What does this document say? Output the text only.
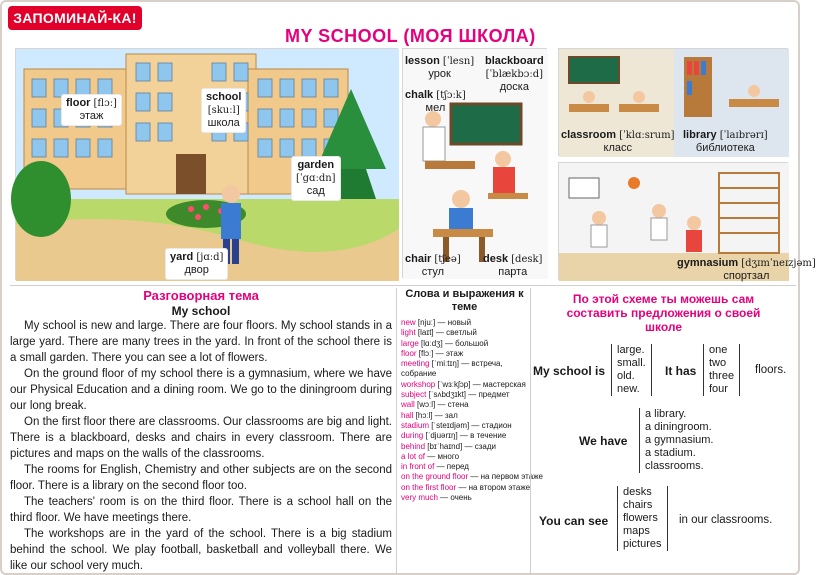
ЗАПОМИНАЙ-КА!
MY SCHOOL (МОЯ ШКОЛА)
floor [flɔː]
этаж
school
[skuːl]
школа
garden
[ˈgɑːdn]
сад
yard [jɑːd]
двор
lesson [ˈlesn]
урок
blackboard
[ˈblækbɔːd]
доска
chalk [tʃɔːk]
мел
chair [tʃeə]
стул
desk [desk]
парта
classroom [ˈklɑːsrum]
класс
library [ˈlaɪbrərɪ]
библиотека
gymnasium [dʒɪmˈneɪzjəm]
спортзал
Разговорная тема
My school

My school is new and large. There are four floors. My school stands in a large yard. There are many trees in the yard. In front of the school there is a small garden. There you can see a lot of flowers.

On the ground floor of my school there is a gymnasium, where we have our Physical Education and a dining room. We go to the diningroom during our long break.

On the first floor there are classrooms. Our classrooms are big and light. There is a blackboard, desks and chairs in every classroom. There are pictures and maps on the walls of the classrooms.

The rooms for English, Chemistry and other subjects are on the second floor. There is a library on the second floor too.

The teachers' room is on the third floor. There is a school hall on the third floor. We have meetings there.

The workshops are in the yard of the school. There is a big stadium behind the school. We play football, basketball and volleyball there. We like our school very much.

Слова и выражения к теме
new [njuː] — новый
light [laɪt] — светлый
large [lɑːdʒ] — большой
floor [flɔː] — этаж
meeting [ˈmiːtɪŋ] — встреча,
собрание
workshop [ˈwɜːkʃɔp] — мастерская
subject [ˈsʌbdʒɪkt] — предмет
wall [wɔːl] — стена
hall [hɔːl] — зал
stadium [ˈsteɪdjəm] — стадион
during [ˈdjuərɪŋ] — в течение
behind [bɪˈhaɪnd] — сзади
a lot of — много
in front of — перед
on the ground floor — на первом этаже
on the first floor — на втором этаже
very much — очень
По этой схеме ты можешь сам составить предложения о своей школе
My school is
large.
small.
old.
new.
It has
one
two
three
four
floors.
We have
a library.
a diningroom.
a gymnasium.
a stadium.
classrooms.
You can see
desks
chairs
flowers
maps
pictures
in our classrooms.
